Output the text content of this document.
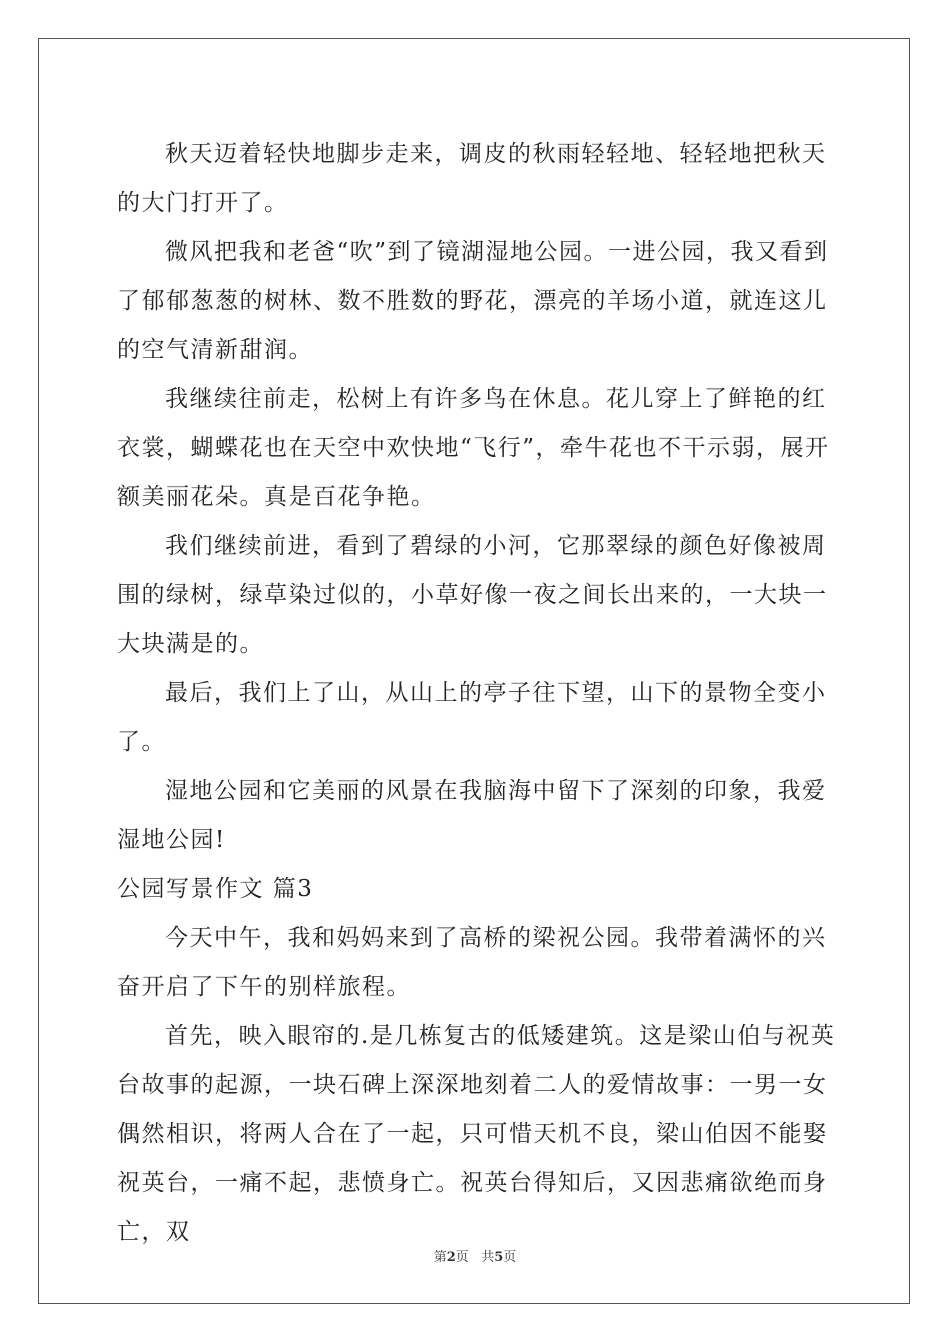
秋天迈着轻快地脚步走来，调皮的秋雨轻轻地、轻轻地把秋天的大门打开了。

微风把我和老爸“吹”到了镜湖湿地公园。一进公园，我又看到了郁郁葱葱的树林、数不胜数的野花，漂亮的羊场小道，就连这儿的空气清新甜润。

我继续往前走，松树上有许多鸟在休息。花儿穿上了鲜艳的红衣裳，蝴蝶花也在天空中欢快地“飞行”，牵牛花也不干示弱，展开额美丽花朵。真是百花争艳。

我们继续前进，看到了碧绿的小河，它那翠绿的颜色好像被周围的绿树，绿草染过似的，小草好像一夜之间长出来的，一大块一大块满是的。

最后，我们上了山，从山上的亭子往下望，山下的景物全变小了。

湿地公园和它美丽的风景在我脑海中留下了深刻的印象，我爱湿地公园!

公园写景作文 篇3

今天中午，我和妈妈来到了高桥的梁祝公园。我带着满怀的兴奋开启了下午的别样旅程。

首先，映入眼帘的.是几栋复古的低矮建筑。这是梁山伯与祝英台故事的起源，一块石碑上深深地刻着二人的爱情故事：一男一女偶然相识，将两人合在了一起，只可惜天机不良，梁山伯因不能娶祝英台，一痛不起，悲愤身亡。祝英台得知后，又因悲痛欲绝而身亡，双

第2页 共5页
